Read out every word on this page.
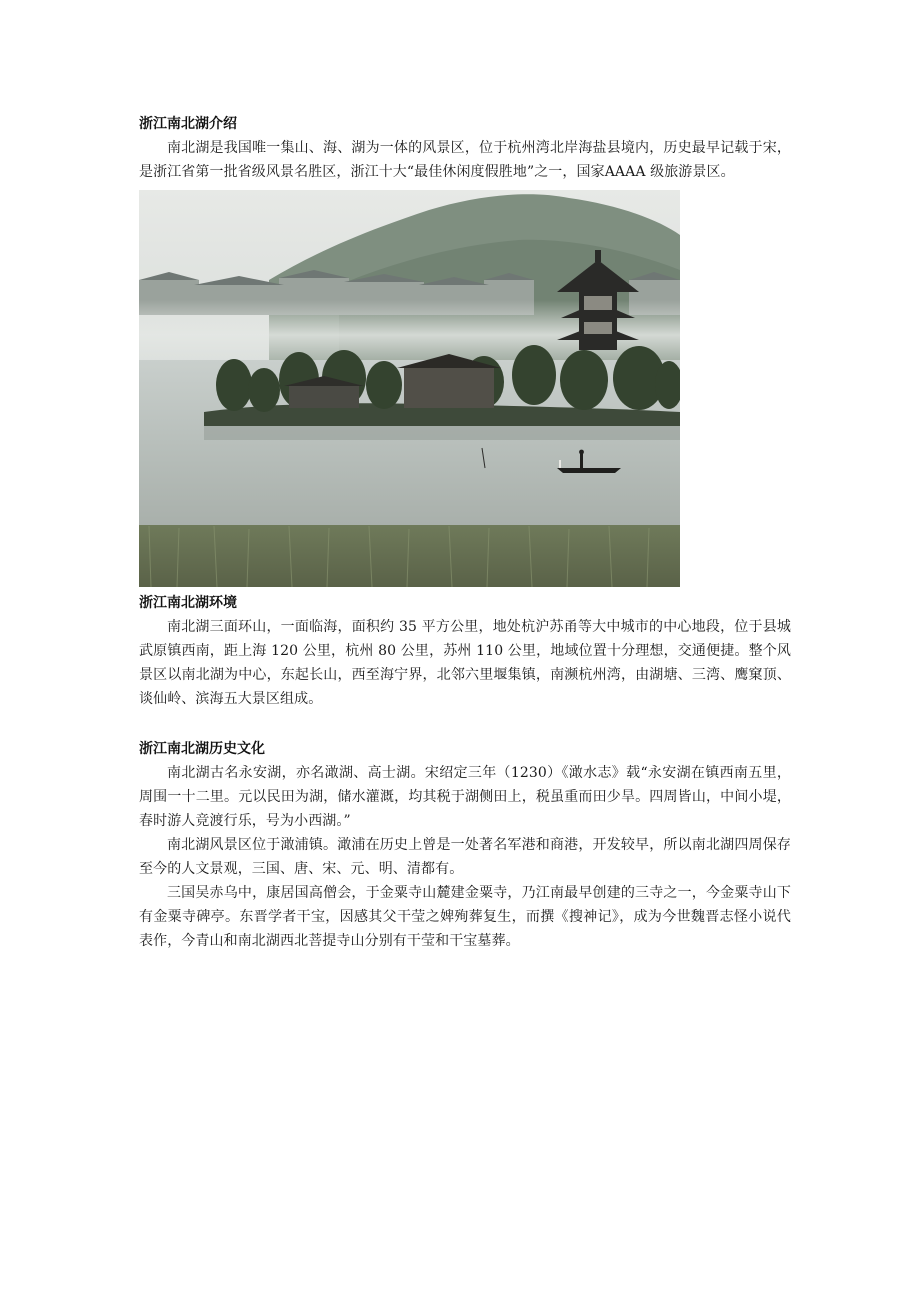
浙江南北湖介绍

南北湖是我国唯一集山、海、湖为一体的风景区，位于杭州湾北岸海盐县境内，历史最早记载于宋，是浙江省第一批省级风景名胜区，浙江十大“最佳休闲度假胜地”之一，国家AAAA 级旅游景区。

浙江南北湖环境

南北湖三面环山，一面临海，面积约 35 平方公里，地处杭沪苏甬等大中城市的中心地段，位于县城武原镇西南，距上海 120 公里，杭州 80 公里，苏州 110 公里，地域位置十分理想，交通便捷。整个风景区以南北湖为中心，东起长山，西至海宁界，北邻六里堰集镇，南濒杭州湾，由湖塘、三湾、鹰窠顶、谈仙岭、滨海五大景区组成。

浙江南北湖历史文化

南北湖古名永安湖，亦名澉湖、高士湖。宋绍定三年（1230）《澉水志》载“永安湖在镇西南五里，周围一十二里。元以民田为湖，储水灌溉，均其税于湖侧田上，税虽重而田少旱。四周皆山，中间小堤，春时游人竞渡行乐，号为小西湖。”

南北湖风景区位于澉浦镇。澉浦在历史上曾是一处著名军港和商港，开发较早，所以南北湖四周保存至今的人文景观，三国、唐、宋、元、明、清都有。

三国吴赤乌中，康居国高僧会，于金粟寺山麓建金粟寺，乃江南最早创建的三寺之一，今金粟寺山下有金粟寺碑亭。东晋学者干宝，因感其父干莹之婢殉葬复生，而撰《搜神记》，成为今世魏晋志怪小说代表作，今青山和南北湖西北菩提寺山分别有干莹和干宝墓葬。
